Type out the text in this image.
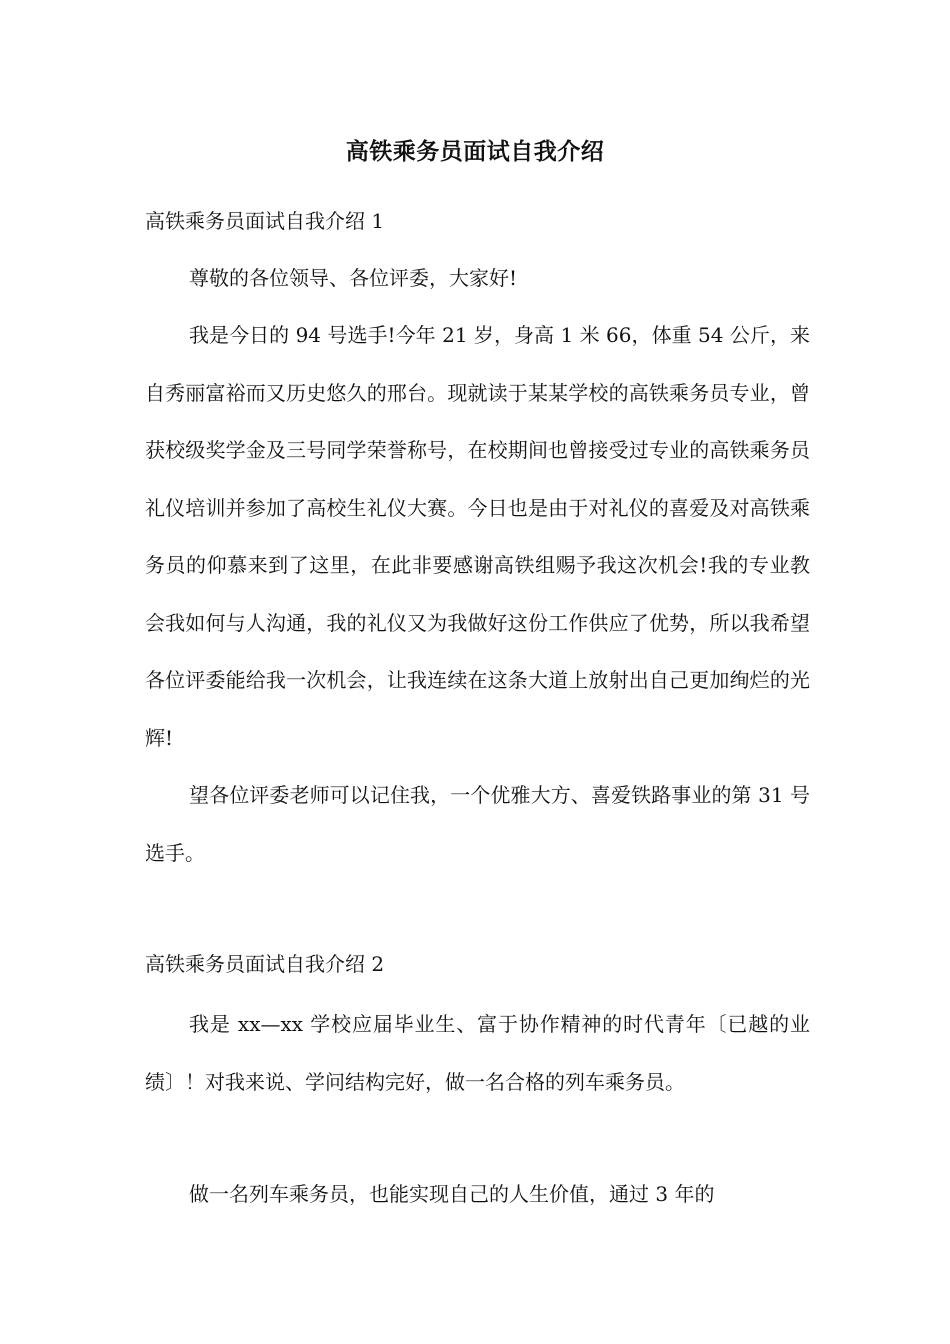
高铁乘务员面试自我介绍
高铁乘务员面试自我介绍 1
尊敬的各位领导、各位评委，大家好!
我是今日的 94 号选手!今年 21 岁，身高 1 米 66，体重 54 公斤，来自秀丽富裕而又历史悠久的邢台。现就读于某某学校的高铁乘务员专业，曾获校级奖学金及三号同学荣誉称号，在校期间也曾接受过专业的高铁乘务员礼仪培训并参加了高校生礼仪大赛。今日也是由于对礼仪的喜爱及对高铁乘务员的仰慕来到了这里，在此非要感谢高铁组赐予我这次机会!我的专业教会我如何与人沟通，我的礼仪又为我做好这份工作供应了优势，所以我希望各位评委能给我一次机会，让我连续在这条大道上放射出自己更加绚烂的光辉!
望各位评委老师可以记住我，一个优雅大方、喜爱铁路事业的第 31 号选手。
高铁乘务员面试自我介绍 2
我是 xx—xx 学校应届毕业生、富于协作精神的时代青年〔已越的业绩〕！对我来说、学问结构完好，做一名合格的列车乘务员。
做一名列车乘务员，也能实现自己的人生价值，通过 3 年的
